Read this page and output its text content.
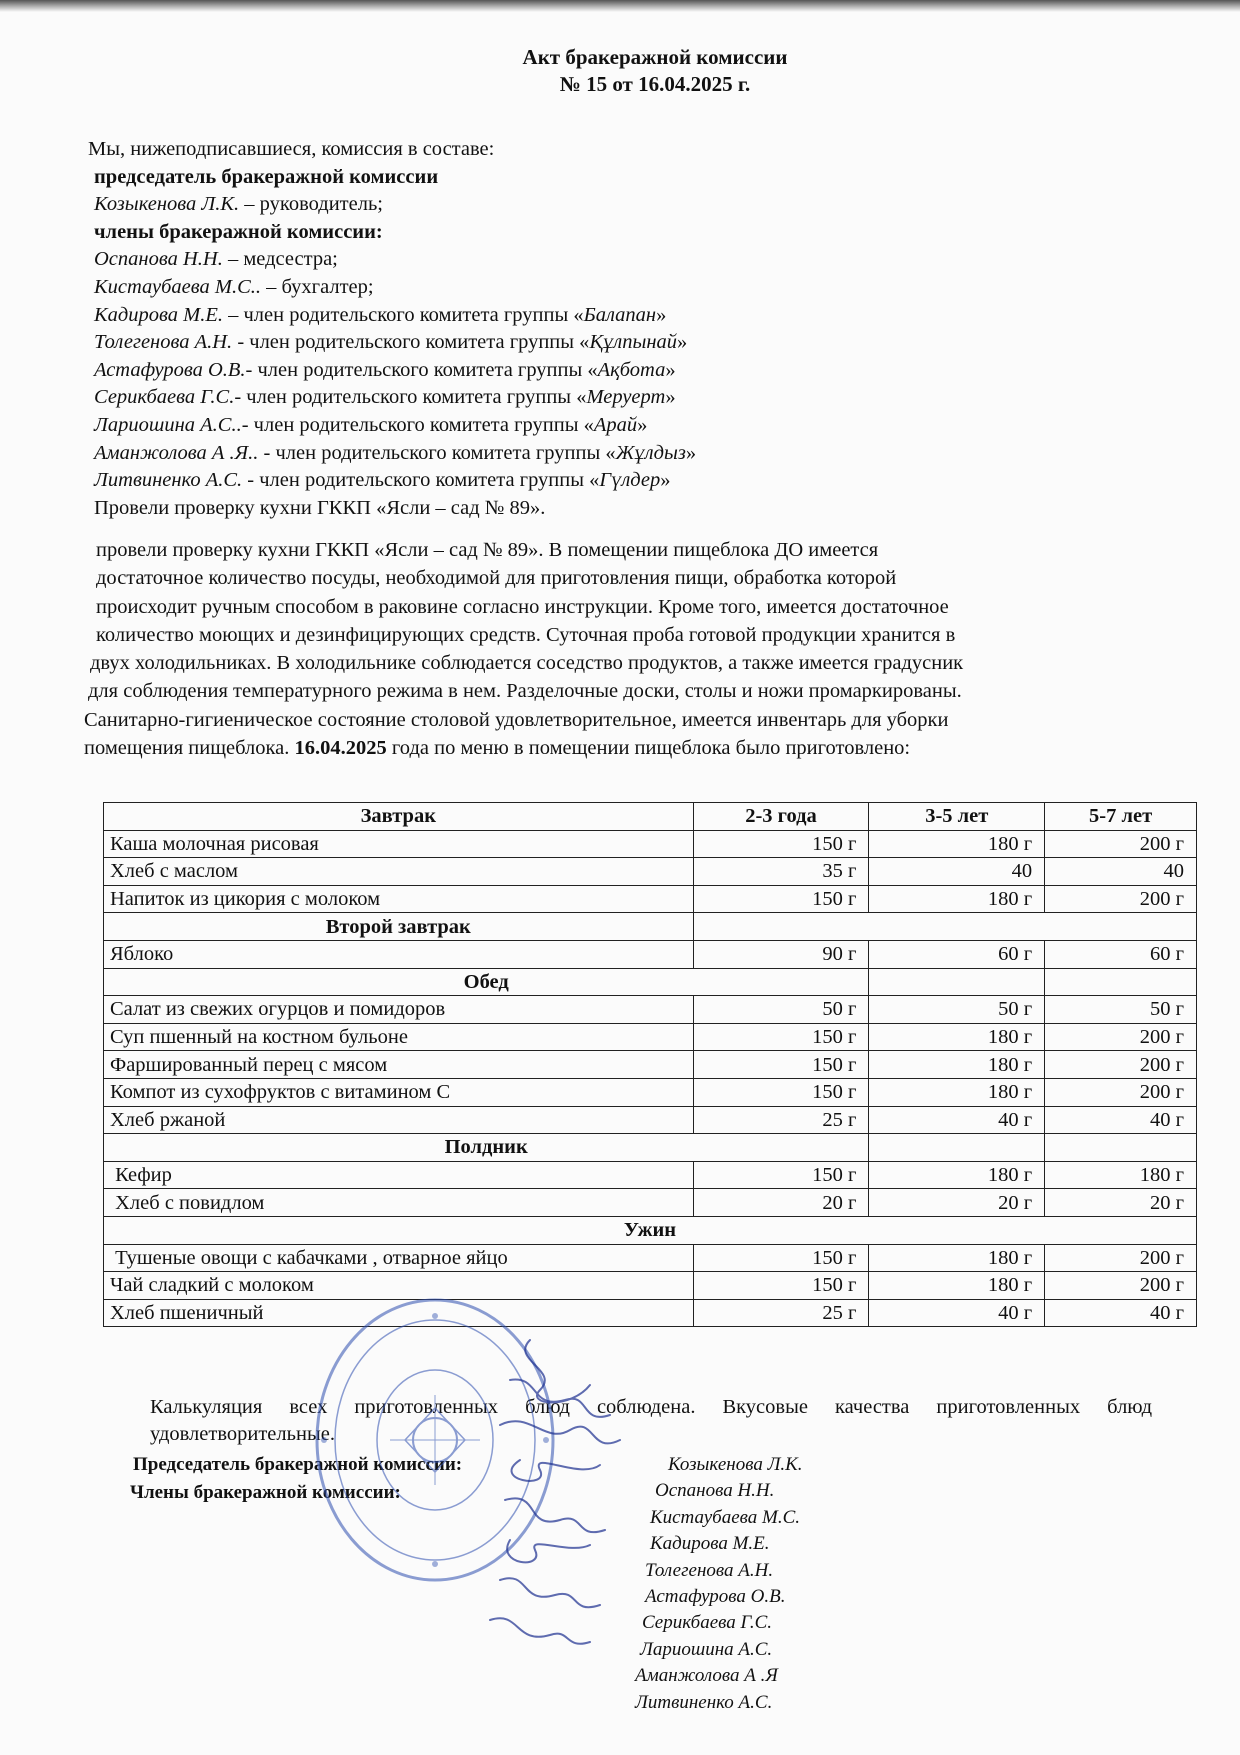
Акт бракеражной комиссии
№ 15 от 16.04.2025 г.
Мы, нижеподписавшиеся, комиссия в составе:
председатель бракеражной комиссии
Козыкенова Л.К. – руководитель;
члены бракеражной комиссии:
Оспанова Н.Н. – медсестра;
Кистаубаева М.С.. – бухгалтер;
Кадирова М.Е. – член родительского комитета группы «Балапан»
Толегенова А.Н. - член родительского комитета группы «Құлпынай»
Астафурова О.В.- член родительского комитета группы «Ақбота»
Серикбаева Г.С.- член родительского комитета группы «Меруерт»
Лариошина А.С..- член родительского комитета группы «Арай»
Аманжолова А .Я.. - член родительского комитета группы «Жұлдыз»
Литвиненко А.С. - член родительского комитета группы «Гүлдер»
Провели проверку кухни ГККП «Ясли – сад № 89».
провели проверку кухни ГККП «Ясли – сад № 89». В помещении пищеблока ДО имеется
достаточное количество посуды, необходимой для приготовления пищи, обработка которой
происходит ручным способом в раковине согласно инструкции. Кроме того, имеется достаточное
количество моющих и дезинфицирующих средств. Суточная проба готовой продукции хранится в
двух холодильниках. В холодильнике соблюдается соседство продуктов, а также имеется градусник
для соблюдения температурного режима в нем. Разделочные доски, столы и ножи промаркированы.
Санитарно-гигиеническое состояние столовой удовлетворительное, имеется инвентарь для уборки
помещения пищеблока. 16.04.2025 года по меню в помещении пищеблока было приготовлено:
Завтрак	2-3 года	3-5 лет	5-7 лет
Каша молочная рисовая	150 г	180 г	200 г
Хлеб с маслом	35 г	40	40
Напиток из цикория с молоком	150 г	180 г	200 г
Второй завтрак			
Яблоко	90 г	60 г	60 г
Обед			
Салат из свежих огурцов и помидоров	50 г	50 г	50 г
Суп пшенный на костном бульоне	150 г	180 г	200 г
Фаршированный перец с мясом	150 г	180 г	200 г
Компот из сухофруктов с витамином С	150 г	180 г	200 г
Хлеб ржаной	25 г	40 г	40 г
Полдник			
Кефир	150 г	180 г	180 г
Хлеб с повидлом	20 г	20 г	20 г
Ужин			
Тушеные овощи с кабачками , отварное яйцо	150 г	180 г	200 г
Чай сладкий с молоком	150 г	180 г	200 г
Хлеб пшеничный	25 г	40 г	40 г
Калькуляция всех приготовленных блюд соблюдена. Вкусовые качества приготовленных блюд удовлетворительные.
Председатель бракеражной комиссии:
Члены бракеражной комиссии:
Козыкенова Л.К.
Оспанова Н.Н.
Кистаубаева М.С.
Кадирова М.Е.
Толегенова А.Н.
Астафурова О.В.
Серикбаева Г.С.
Лариошина А.С.
Аманжолова А .Я
Литвиненко А.С.
